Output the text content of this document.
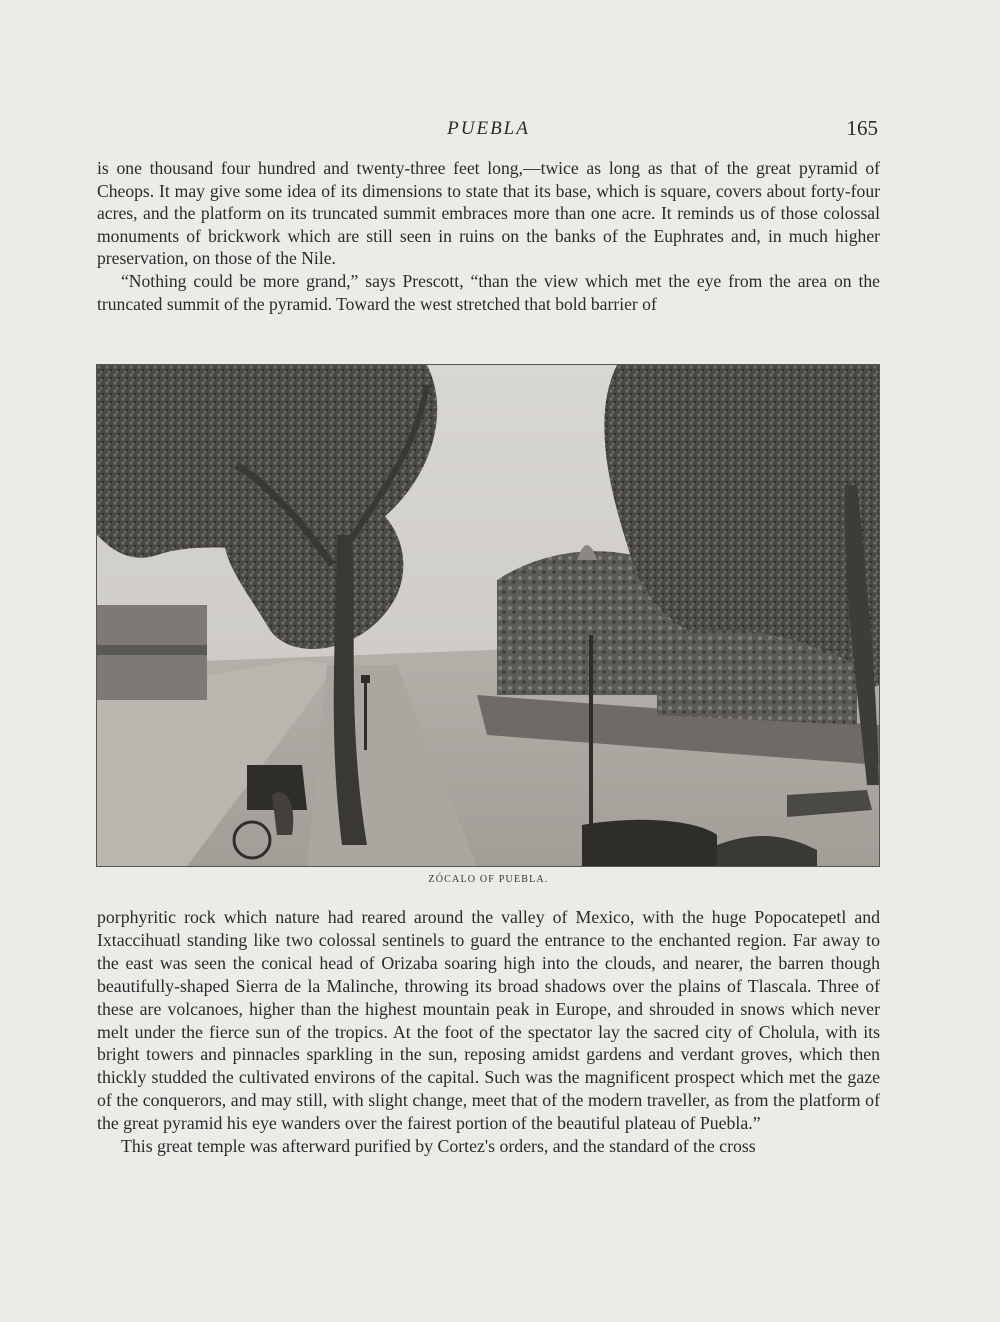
PUEBLA	165

is one thousand four hundred and twenty-three feet long,—twice as long as that of the great pyramid of Cheops. It may give some idea of its dimensions to state that its base, which is square, covers about forty-four acres, and the platform on its truncated summit embraces more than one acre. It reminds us of those colossal monuments of brickwork which are still seen in ruins on the banks of the Euphrates and, in much higher preservation, on those of the Nile.

“Nothing could be more grand,” says Prescott, “than the view which met the eye from the area on the truncated summit of the pyramid. Toward the west stretched that bold barrier of

ZÓCALO OF PUEBLA.

porphyritic rock which nature had reared around the valley of Mexico, with the huge Popocatepetl and Ixtaccihuatl standing like two colossal sentinels to guard the entrance to the enchanted region. Far away to the east was seen the conical head of Orizaba soaring high into the clouds, and nearer, the barren though beautifully-shaped Sierra de la Malinche, throwing its broad shadows over the plains of Tlascala. Three of these are volcanoes, higher than the highest mountain peak in Europe, and shrouded in snows which never melt under the fierce sun of the tropics. At the foot of the spectator lay the sacred city of Cholula, with its bright towers and pinnacles sparkling in the sun, reposing amidst gardens and verdant groves, which then thickly studded the cultivated environs of the capital. Such was the magnificent prospect which met the gaze of the conquerors, and may still, with slight change, meet that of the modern traveller, as from the platform of the great pyramid his eye wanders over the fairest portion of the beautiful plateau of Puebla.”

This great temple was afterward purified by Cortez's orders, and the standard of the cross
